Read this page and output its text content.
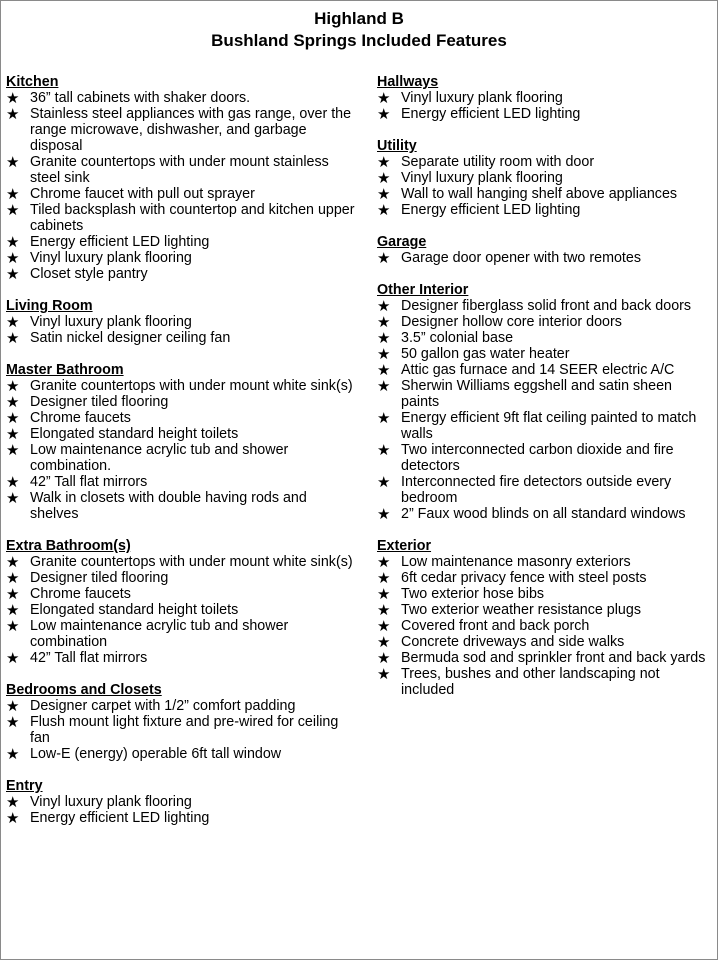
Highland B
Bushland Springs Included Features
Kitchen
★ 36” tall cabinets with shaker doors.
★ Stainless steel appliances with gas range, over the range microwave, dishwasher, and garbage disposal
★ Granite countertops with under mount stainless steel sink
★ Chrome faucet with pull out sprayer
★ Tiled backsplash with countertop and kitchen upper cabinets
★ Energy efficient LED lighting
★ Vinyl luxury plank flooring
★ Closet style pantry
Living Room
★ Vinyl luxury plank flooring
★ Satin nickel designer ceiling fan
Master Bathroom
★ Granite countertops with under mount white sink(s)
★ Designer tiled flooring
★ Chrome faucets
★ Elongated standard height toilets
★ Low maintenance acrylic tub and shower combination.
★ 42” Tall flat mirrors
★ Walk in closets with double having rods and shelves
Extra Bathroom(s)
★ Granite countertops with under mount white sink(s)
★ Designer tiled flooring
★ Chrome faucets
★ Elongated standard height toilets
★ Low maintenance acrylic tub and shower combination
★ 42” Tall flat mirrors
Bedrooms and Closets
★ Designer carpet with 1/2” comfort padding
★ Flush mount light fixture and pre-wired for ceiling fan
★ Low-E (energy) operable 6ft tall window
Entry
★ Vinyl luxury plank flooring
★ Energy efficient LED lighting
Hallways
★ Vinyl luxury plank flooring
★ Energy efficient LED lighting
Utility
★ Separate utility room with door
★ Vinyl luxury plank flooring
★ Wall to wall hanging shelf above appliances
★ Energy efficient LED lighting
Garage
★ Garage door opener with two remotes
Other Interior
★ Designer fiberglass solid front and back doors
★ Designer hollow core interior doors
★ 3.5” colonial base
★ 50 gallon gas water heater
★ Attic gas furnace and 14 SEER electric A/C
★ Sherwin Williams eggshell and satin sheen paints
★ Energy efficient 9ft flat ceiling painted to match walls
★ Two interconnected carbon dioxide and fire detectors
★ Interconnected fire detectors outside every bedroom
★ 2” Faux wood blinds on all standard windows
Exterior
★ Low maintenance masonry exteriors
★ 6ft cedar privacy fence with steel posts
★ Two exterior hose bibs
★ Two exterior weather resistance plugs
★ Covered front and back porch
★ Concrete driveways and side walks
★ Bermuda sod and sprinkler front and back yards
★ Trees, bushes and other landscaping not included
